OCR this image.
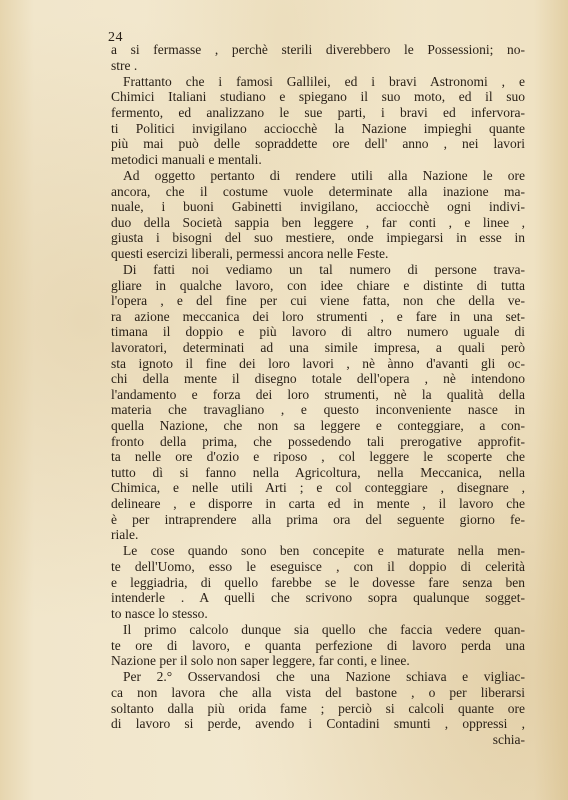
24
a si fermasse , perchè sterili diverebbero le Possessioni; no-
stre .
Frattanto che i famosi Gallilei, ed i bravi Astronomi , e
Chimici Italiani studiano e spiegano il suo moto, ed il suo
fermento, ed analizzano le sue parti, i bravi ed infervora-
ti Politici invigilano acciocchè la Nazione impieghi quante
più mai può delle sopraddette ore dell' anno , nei lavori
metodici manuali e mentali.
Ad oggetto pertanto di rendere utili alla Nazione le ore
ancora, che il costume vuole determinate alla inazione ma-
nuale, i buoni Gabinetti invigilano, acciocchè ogni indivi-
duo della Società sappia ben leggere , far conti , e linee ,
giusta i bisogni del suo mestiere, onde impiegarsi in esse in
questi esercizi liberali, permessi ancora nelle Feste.
Di fatti noi vediamo un tal numero di persone trava-
gliare in qualche lavoro, con idee chiare e distinte di tutta
l'opera , e del fine per cui viene fatta, non che della ve-
ra azione meccanica dei loro strumenti , e fare in una set-
timana il doppio e più lavoro di altro numero uguale di
lavoratori, determinati ad una simile impresa, a quali però
sta ignoto il fine dei loro lavori , nè ànno d'avanti gli oc-
chi della mente il disegno totale dell'opera , nè intendono
l'andamento e forza dei loro strumenti, nè la qualità della
materia che travagliano , e questo inconveniente nasce in
quella Nazione, che non sa leggere e conteggiare, a con-
fronto della prima, che possedendo tali prerogative approfit-
ta nelle ore d'ozio e riposo , col leggere le scoperte che
tutto dì si fanno nella Agricoltura, nella Meccanica, nella
Chimica, e nelle utili Arti ; e col conteggiare , disegnare ,
delineare , e disporre in carta ed in mente , il lavoro che
è per intraprendere alla prima ora del seguente giorno fe-
riale.
Le cose quando sono ben concepite e maturate nella men-
te dell'Uomo, esso le eseguisce , con il doppio di celerità
e leggiadria, di quello farebbe se le dovesse fare senza ben
intenderle . A quelli che scrivono sopra qualunque sogget-
to nasce lo stesso.
Il primo calcolo dunque sia quello che faccia vedere quan-
te ore di lavoro, e quanta perfezione di lavoro perda una
Nazione per il solo non saper leggere, far conti, e linee.
Per 2.° Osservandosi che una Nazione schiava e vigliac-
ca non lavora che alla vista del bastone , o per liberarsi
soltanto dalla più orida fame ; perciò si calcoli quante ore
di lavoro si perde, avendo i Contadini smunti , oppressi ,
schia-
